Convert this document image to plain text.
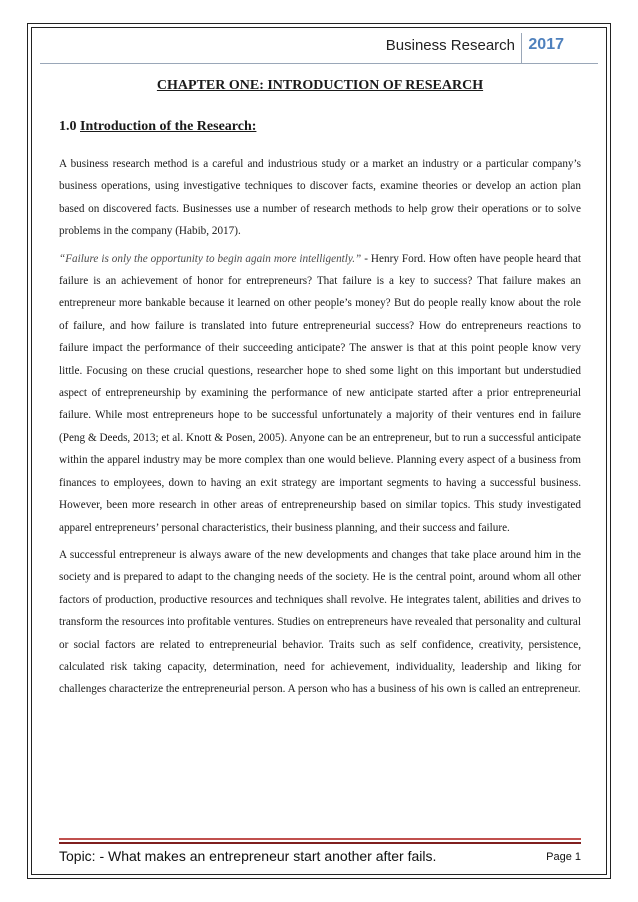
Business Research 2017
CHAPTER ONE: INTRODUCTION OF RESEARCH
1.0 Introduction of the Research:

A business research method is a careful and industrious study or a market an industry or a particular company’s business operations, using investigative techniques to discover facts, examine theories or develop an action plan based on discovered facts. Businesses use a number of research methods to help grow their operations or to solve problems in the company (Habib, 2017).

“Failure is only the opportunity to begin again more intelligently.” - Henry Ford. How often have people heard that failure is an achievement of honor for entrepreneurs? That failure is a key to success? That failure makes an entrepreneur more bankable because it learned on other people’s money? But do people really know about the role of failure, and how failure is translated into future entrepreneurial success? How do entrepreneurs reactions to failure impact the performance of their succeeding anticipate? The answer is that at this point people know very little. Focusing on these crucial questions, researcher hope to shed some light on this important but understudied aspect of entrepreneurship by examining the performance of new anticipate started after a prior entrepreneurial failure. While most entrepreneurs hope to be successful unfortunately a majority of their ventures end in failure (Peng & Deeds, 2013; et al. Knott & Posen, 2005). Anyone can be an entrepreneur, but to run a successful anticipate within the apparel industry may be more complex than one would believe. Planning every aspect of a business from finances to employees, down to having an exit strategy are important segments to having a successful business. However, been more research in other areas of entrepreneurship based on similar topics. This study investigated apparel entrepreneurs’ personal characteristics, their business planning, and their success and failure.

A successful entrepreneur is always aware of the new developments and changes that take place around him in the society and is prepared to adapt to the changing needs of the society. He is the central point, around whom all other factors of production, productive resources and techniques shall revolve. He integrates talent, abilities and drives to transform the resources into profitable ventures. Studies on entrepreneurs have revealed that personality and cultural or social factors are related to entrepreneurial behavior. Traits such as self confidence, creativity, persistence, calculated risk taking capacity, determination, need for achievement, individuality, leadership and liking for challenges characterize the entrepreneurial person. A person who has a business of his own is called an entrepreneur.

Topic: - What makes an entrepreneur start another after fails.	Page 1
